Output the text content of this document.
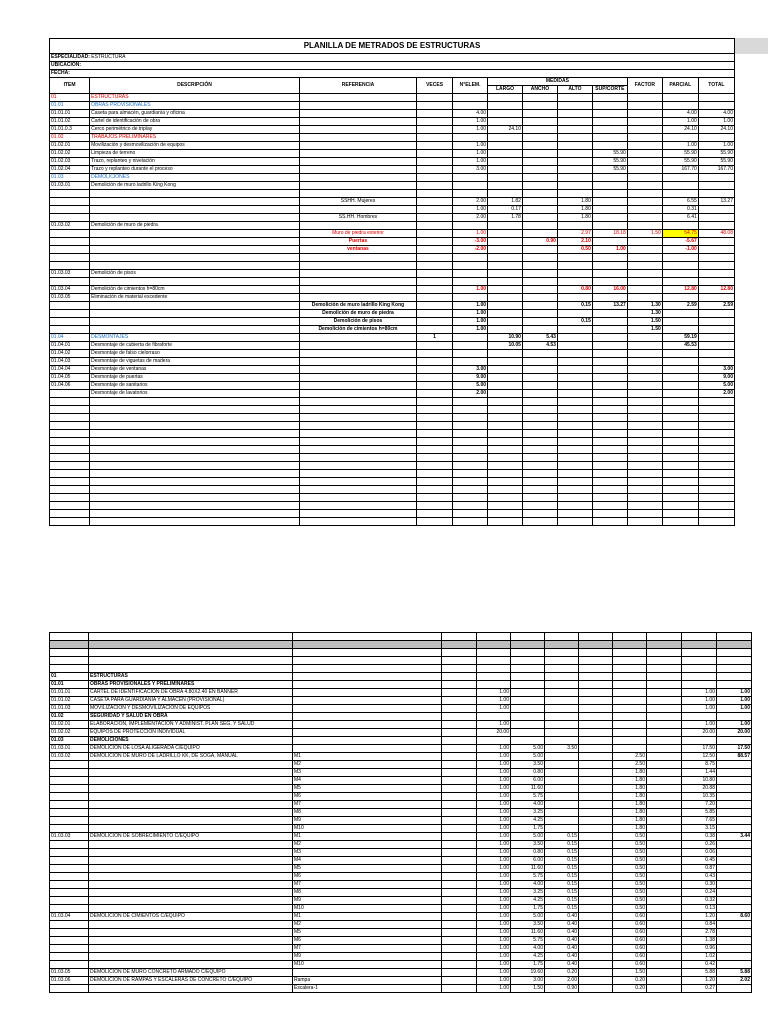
PLANILLA DE METRADOS DE ESTRUCTURAS											
ESPECIALIDAD: ESTRUCTURA											
UBICACIÓN:											
FECHA:											
ITEM	DESCRIPCIÓN	REFERENCIA	VECES	N°ELEM.	MEDIDAS				FACTOR	PARCIAL	TOTAL
					LARGO	ANCHO	ALTO	SUP/CORTE			
01	ESTRUCTURAS										
01.01	OBRAS PROVISIONALES										
01.01.01	Caseta para almacén, guardianía y oficina			4.00						4.00	4.00
01.01.02	Cartel de identificación de obra			1.00						1.00	1.00
01.01.0.3	Cerco perimétrico de triplay			1.00	24.10					24.10	24.10
01.02	TRABAJOS PRELIMINARES										
01.02.01	Movilización y desmovilización de equipos			1.00						1.00	1.00
01.02.02	Limpieza de terreno			1.00				55.90		55.90	55.90
01.02.03	Trazo, replanteo y nivelación			1.00				55.90		55.90	55.90
01.02.04	Trazo y replanteo durante el proceso			3.00				55.90		167.70	167.70
01.03	DEMOLICIONES										
01.03.01	Demolición de muro ladrillo King Kong										

		SSHH. Mujeres		2.00	1.82		1.80			6.55	13.27
				1.00	0.17		1.80			0.31	
		SS.HH. Hombres		2.00	1.78		1.80			6.41	
01.03.02	Demolición de muro de piedra										
		Muro de piedra exterior		1.00			2.97	18.18	1.50	54.75	48.08
		Puertas		-3.00		0.90	2.10			-5.67	
		ventanas		-2.00			0.50	1.00		-1.00	

01.03.03	Demolición de pisos										

01.03.04	Demolición de cimientos h=80cm			1.00			0.80	16.00		12.80	12.80
01.03.05	Eliminación de material excedente										
		Demolición de muro ladrillo King Kong		1.00			0.15	13.27	1.30	2.59	2.59
		Demolición de muro de piedra		1.00					1.30		
		Demolición de pisos		1.00			0.15		1.50		
		Demolición de cimientos h=80cm		1.00					1.50		
01.04	DESMONTAJES		1		10.90	5.43				59.19	
01.04.01	Desmontaje de cubierta de fibraforte				10.05	4.53				45.53	
01.04.02	Desmontaje de falso cielorraso										
01.04.03	Desmontaje de viguetas de madera										
01.04.04	Desmontaje de ventanas			3.00							3.00
01.04.05	Desmontaje de puertas			9.00							9.00
01.04.06	Desmontaje de sanitarios			5.00							5.00
	Desmontaje de lavatorios			2.00							2.00

01	ESTRUCTURAS										
01.01	OBRAS PROVISIONALES Y PRELIMINARES										
01.01.01	CARTEL DE IDENTIFICACIÓN DE OBRA 4.80X2.40 EN BANNER			1.00						1.00	1.00
01.01.02	CASETA PARA GUARDIANÍA Y ALMACÉN (PROVISIONAL)			1.00						1.00	1.00
01.01.03	MOVILIZACIÓN Y DESMOVILIZACIÓN DE EQUIPOS			1.00						1.00	1.00
01.02	SEGURIDAD Y SALUD EN OBRA										
01.02.01	ELABORACIÓN, IMPLEMENTACIÓN Y ADMINIST. PLAN SEG. Y SALUD			1.00						1.00	1.00
01.02.02	EQUIPOS DE PROTECCIÓN INDIVIDUAL			20.00						20.00	20.00
01.03	DEMOLICIONES										
01.03.01	DEMOLICIÓN DE LOSA ALIGERADA C/EQUIPO			1.00	5.00	3.50				17.50	17.50
01.03.02	DEMOLICIÓN DE MURO DE LADRILLO KK, DE SOGA, MANUAL	M1		1.00	5.00			2.50		12.50	88.57
		M2		1.00	3.50			2.50		8.75	
		M3		1.00	0.80			1.80		1.44	
		M4		1.00	6.00			1.80		10.80	
		M5		1.00	11.60			1.80		20.88	
		M6		1.00	5.75			1.80		10.35	
		M7		1.00	4.00			1.80		7.20	
		M8		1.00	3.25			1.80		5.85	
		M9		1.00	4.25			1.80		7.65	
		M10		1.00	1.75			1.80		3.15	
01.03.03	DEMOLICIÓN DE SOBRECIMIENTO C/EQUIPO	M1		1.00	5.00	0.15		0.50		0.38	3.44
		M2		1.00	3.50	0.15		0.50		0.26	
		M3		1.00	0.80	0.15		0.50		0.06	
		M4		1.00	6.00	0.15		0.50		0.45	
		M5		1.00	11.60	0.15		0.50		0.87	
		M6		1.00	5.75	0.15		0.50		0.43	
		M7		1.00	4.00	0.15		0.50		0.30	
		M8		1.00	3.25	0.15		0.50		0.24	
		M9		1.00	4.25	0.15		0.50		0.32	
		M10		1.00	1.75	0.15		0.50		0.13	
01.03.04	DEMOLICIÓN DE CIMIENTOS C/EQUIPO	M1		1.00	5.00	0.40		0.60		1.20	8.60
		M2		1.00	3.50	0.40		0.60		0.84	
		M5		1.00	11.60	0.40		0.60		2.78	
		M6		1.00	5.75	0.40		0.60		1.38	
		M7		1.00	4.00	0.40		0.60		0.96	
		M9		1.00	4.25	0.40		0.60		1.02	
		M10		1.00	1.75	0.40		0.60		0.42	
01.03.05	DEMOLICIÓN DE MURO CONCRETO ARMADO C/EQUIPO			1.00	19.60	0.20		1.50		5.88	5.88
01.03.06	DEMOLICIÓN DE RAMPAS Y ESCALERAS DE CONCRETO C/EQUIPO	Rampa		1.00	3.00	2.00		0.20		1.20	2.02
		Escalera-1		1.00	1.50	0.90		0.20		0.27	
